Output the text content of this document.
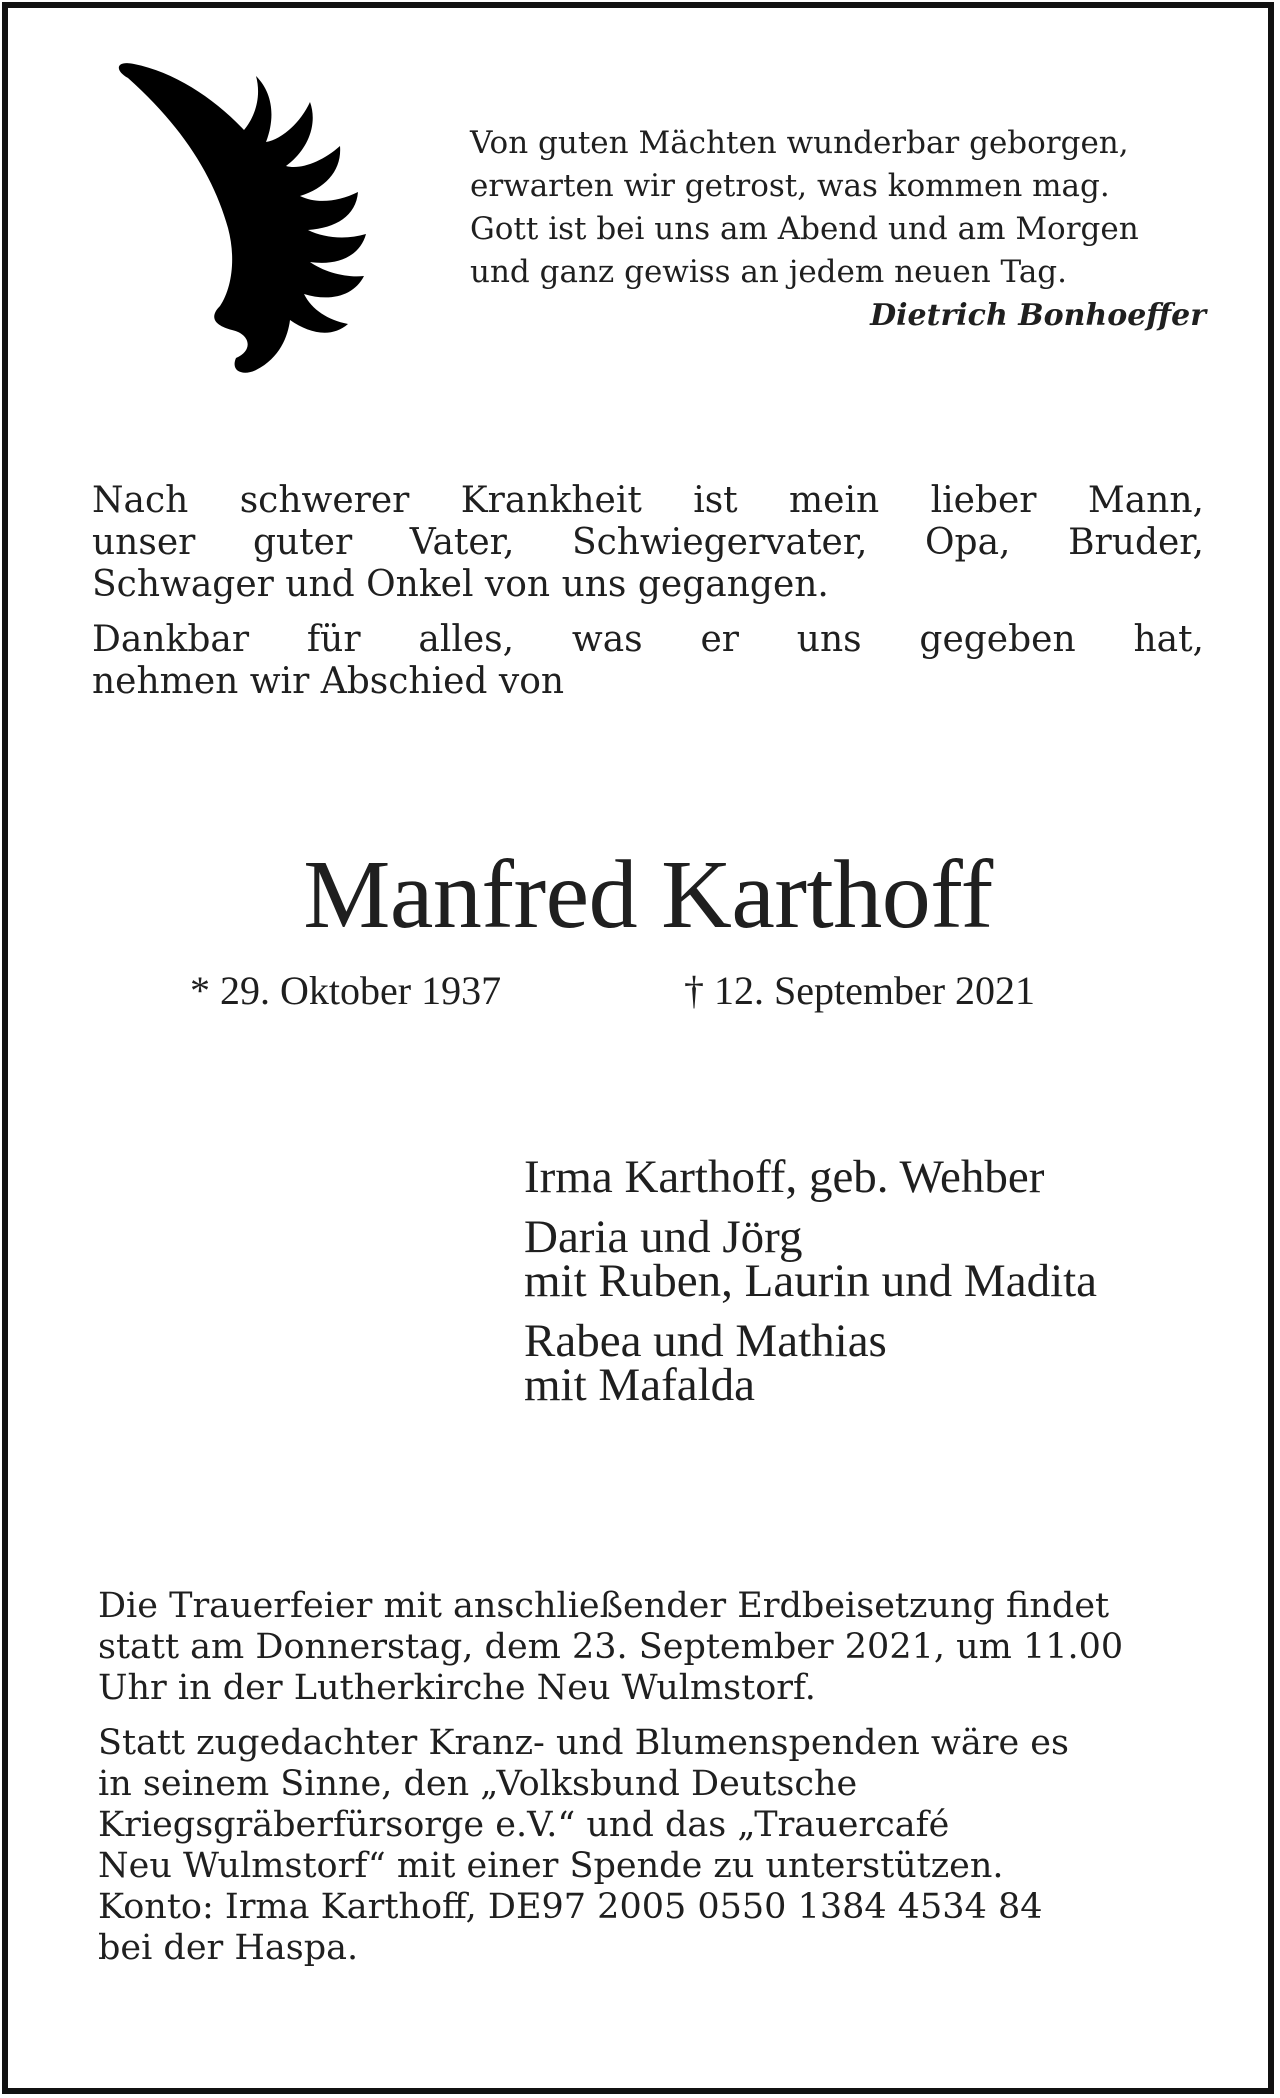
Von guten Mächten wunderbar geborgen,
erwarten wir getrost, was kommen mag.
Gott ist bei uns am Abend und am Morgen
und ganz gewiss an jedem neuen Tag.
Dietrich Bonhoeffer
Nach schwerer Krankheit ist mein lieber Mann,
unser guter Vater, Schwiegervater, Opa, Bruder,
Schwager und Onkel von uns gegangen.
Dankbar für alles, was er uns gegeben hat,
nehmen wir Abschied von
Manfred Karthoff
* 29. Oktober 1937	† 12. September 2021
Irma Karthoff, geb. Wehber
Daria und Jörg
mit Ruben, Laurin und Madita
Rabea und Mathias
mit Mafalda
Die Trauerfeier mit anschließender Erdbeisetzung findet
statt am Donnerstag, dem 23. September 2021, um 11.00
Uhr in der Lutherkirche Neu Wulmstorf.
Statt zugedachter Kranz- und Blumenspenden wäre es
in seinem Sinne, den „Volksbund Deutsche
Kriegsgräberfürsorge e.V.“ und das „Trauercafé
Neu Wulmstorf“ mit einer Spende zu unterstützen.
Konto: Irma Karthoff, DE97 2005 0550 1384 4534 84
bei der Haspa.
